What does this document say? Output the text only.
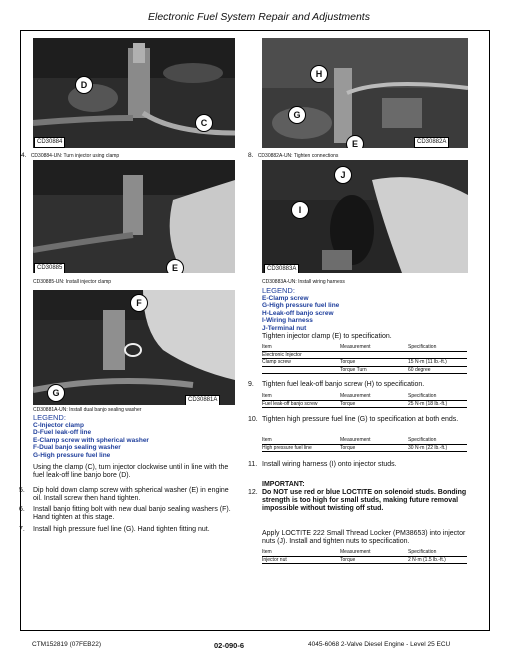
Electronic Fuel System Repair and Adjustments
D
C
CD30884
4. CD30884-UN: Turn injector using clamp
H
G
E	CD30882A
8. CD30882A-UN: Tighten connections
E
CD30885
CD30885-UN: Install injector clamp
J
I
CD30883A
CD30883A-UN: Install wiring harness
F
G
CD30881A
CD30881A-UN: Install dual banjo sealing washer
LEGEND:
C-Injector clamp
D-Fuel leak-off line
E-Clamp screw with spherical washer
F-Dual banjo sealing washer
G-High pressure fuel line
Using the clamp (C), turn injector clockwise until in line with the fuel leak-off line banjo bore (D).
5. Dip hold down clamp screw with spherical washer (E) in engine oil. Install screw then hand tighten.
6. Install banjo fitting bolt with new dual banjo sealing washers (F). Hand tighten at this stage.
7. Install high pressure fuel line (G). Hand tighten fitting nut.
LEGEND:
E-Clamp screw
G-High pressure fuel line
H-Leak-off banjo screw
I-Wiring harness
J-Terminal nut
Tighten injector clamp (E) to specification.
Item	Measurement	Specification
Electronic Injector		
Clamp screw	Torque	15 N·m (11 lb.-ft.)
	Torque Turn	60 degree
9. Tighten fuel leak-off banjo screw (H) to specification.
Item	Measurement	Specification
Fuel leak-off banjo screw	Torque	25 N·m (18 lb.-ft.)
10. Tighten high pressure fuel line (G) to specification at both ends.
Item	Measurement	Specification
High pressure fuel line	Torque	30 N·m (22 lb.-ft.)
11. Install wiring harness (I) onto injector studs.
12.
IMPORTANT:
Do NOT use red or blue LOCTITE on solenoid studs. Bonding strength is too high for small studs, making future removal impossible without twisting off stud.
Apply LOCTITE 222 Small Thread Locker (PM38653) into injector nuts (J). Install and tighten nuts to specification.
Item	Measurement	Specification
Injector nut	Torque	2 N·m (1.5 lb.-ft.)
CTM152819 (07FEB22)	02-090-6	4045-6068 2-Valve Diesel Engine - Level 25 ECU
